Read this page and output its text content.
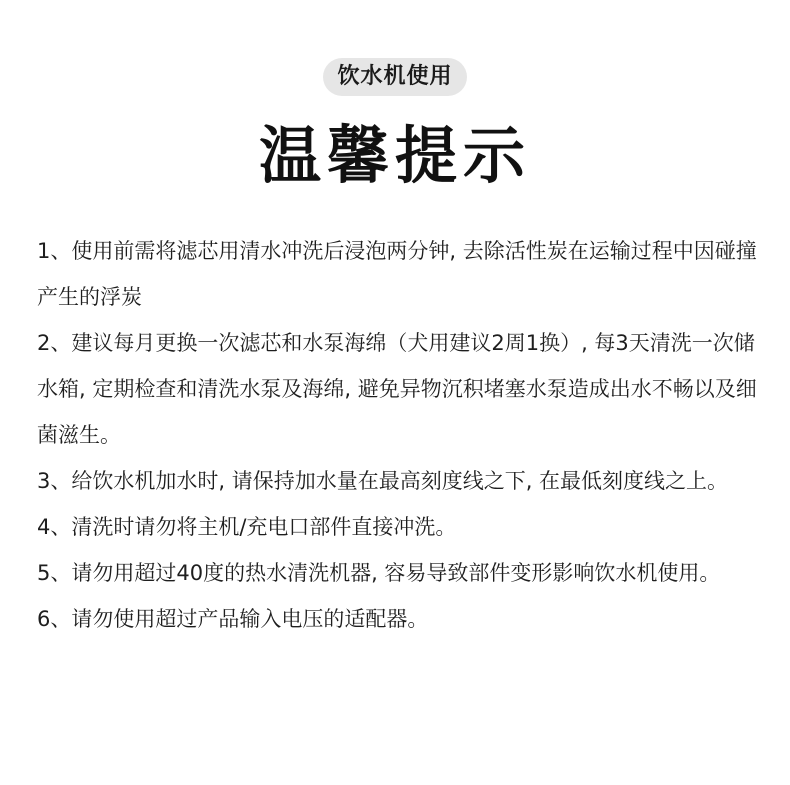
饮水机使用
温馨提示

1、使用前需将滤芯用清水冲洗后浸泡两分钟, 去除活性炭在运输过程中因碰撞产生的浮炭

2、建议每月更换一次滤芯和水泵海绵（犬用建议2周1换）, 每3天清洗一次储水箱, 定期检查和清洗水泵及海绵, 避免异物沉积堵塞水泵造成出水不畅以及细菌滋生。

3、给饮水机加水时, 请保持加水量在最高刻度线之下, 在最低刻度线之上。

4、清洗时请勿将主机/充电口部件直接冲洗。

5、请勿用超过40度的热水清洗机器, 容易导致部件变形影响饮水机使用。

6、请勿使用超过产品输入电压的适配器。
